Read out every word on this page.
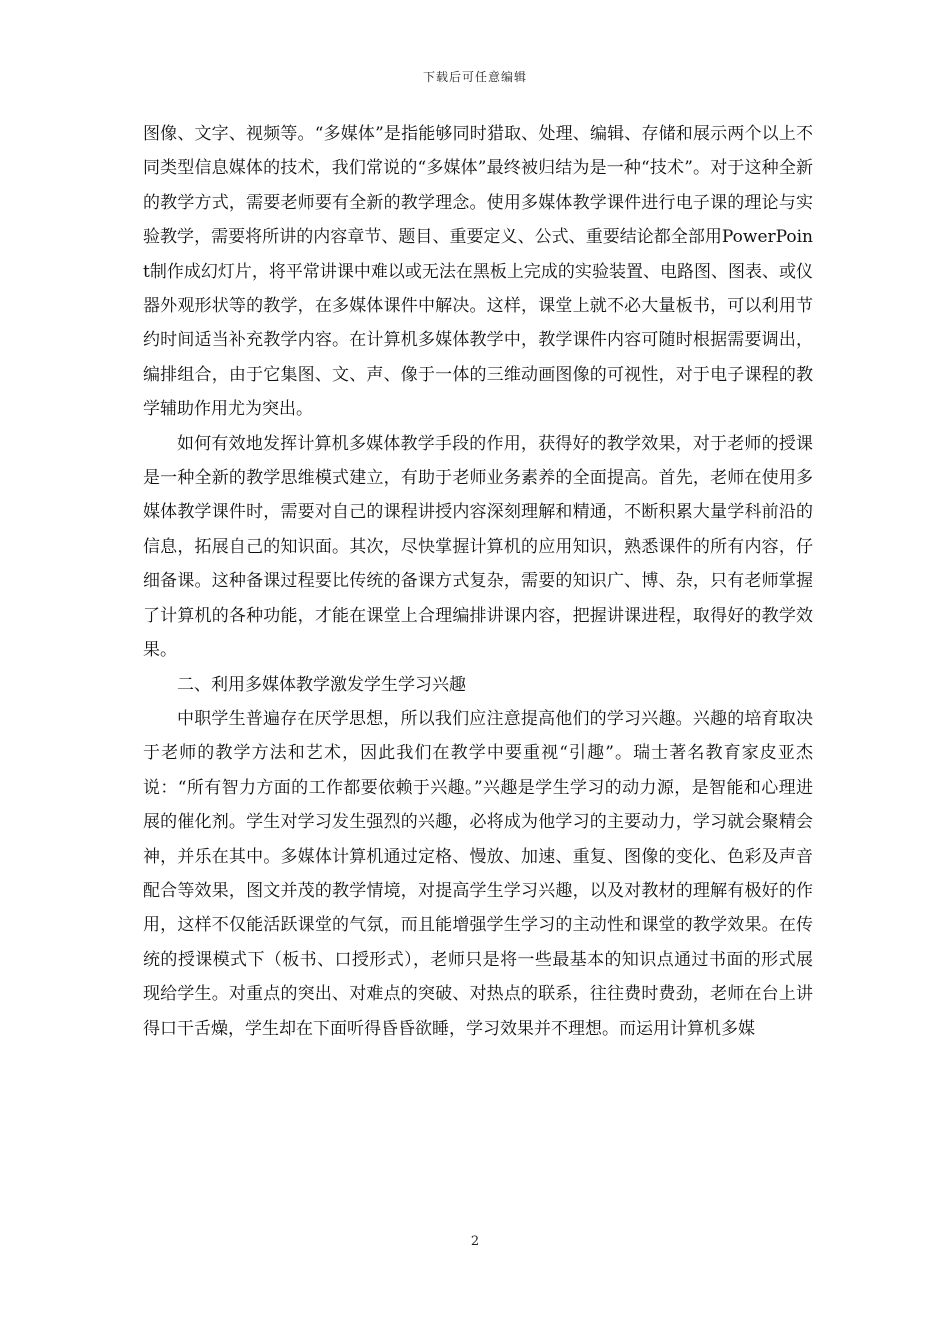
下载后可任意编辑

图像、文字、视频等。“多媒体”是指能够同时猎取、处理、编辑、存储和展示两个以上不同类型信息媒体的技术，我们常说的“多媒体”最终被归结为是一种“技术”。对于这种全新的教学方式，需要老师要有全新的教学理念。使用多媒体教学课件进行电子课的理论与实验教学，需要将所讲的内容章节、题目、重要定义、公式、重要结论都全部用PowerPoint制作成幻灯片，将平常讲课中难以或无法在黑板上完成的实验装置、电路图、图表、或仪器外观形状等的教学，在多媒体课件中解决。这样，课堂上就不必大量板书，可以利用节约时间适当补充教学内容。在计算机多媒体教学中，教学课件内容可随时根据需要调出，编排组合，由于它集图、文、声、像于一体的三维动画图像的可视性，对于电子课程的教学辅助作用尤为突出。

如何有效地发挥计算机多媒体教学手段的作用，获得好的教学效果，对于老师的授课是一种全新的教学思维模式建立，有助于老师业务素养的全面提高。首先，老师在使用多媒体教学课件时，需要对自己的课程讲授内容深刻理解和精通，不断积累大量学科前沿的信息，拓展自己的知识面。其次，尽快掌握计算机的应用知识，熟悉课件的所有内容，仔细备课。这种备课过程要比传统的备课方式复杂，需要的知识广、博、杂，只有老师掌握了计算机的各种功能，才能在课堂上合理编排讲课内容，把握讲课进程，取得好的教学效果。

二、利用多媒体教学激发学生学习兴趣

中职学生普遍存在厌学思想，所以我们应注意提高他们的学习兴趣。兴趣的培育取决于老师的教学方法和艺术，因此我们在教学中要重视“引趣”。瑞士著名教育家皮亚杰说：“所有智力方面的工作都要依赖于兴趣。”兴趣是学生学习的动力源，是智能和心理进展的催化剂。学生对学习发生强烈的兴趣，必将成为他学习的主要动力，学习就会聚精会神，并乐在其中。多媒体计算机通过定格、慢放、加速、重复、图像的变化、色彩及声音配合等效果，图文并茂的教学情境，对提高学生学习兴趣，以及对教材的理解有极好的作用，这样不仅能活跃课堂的气氛，而且能增强学生学习的主动性和课堂的教学效果。在传统的授课模式下（板书、口授形式），老师只是将一些最基本的知识点通过书面的形式展现给学生。对重点的突出、对难点的突破、对热点的联系，往往费时费劲，老师在台上讲得口干舌燥，学生却在下面听得昏昏欲睡，学习效果并不理想。而运用计算机多媒

2
